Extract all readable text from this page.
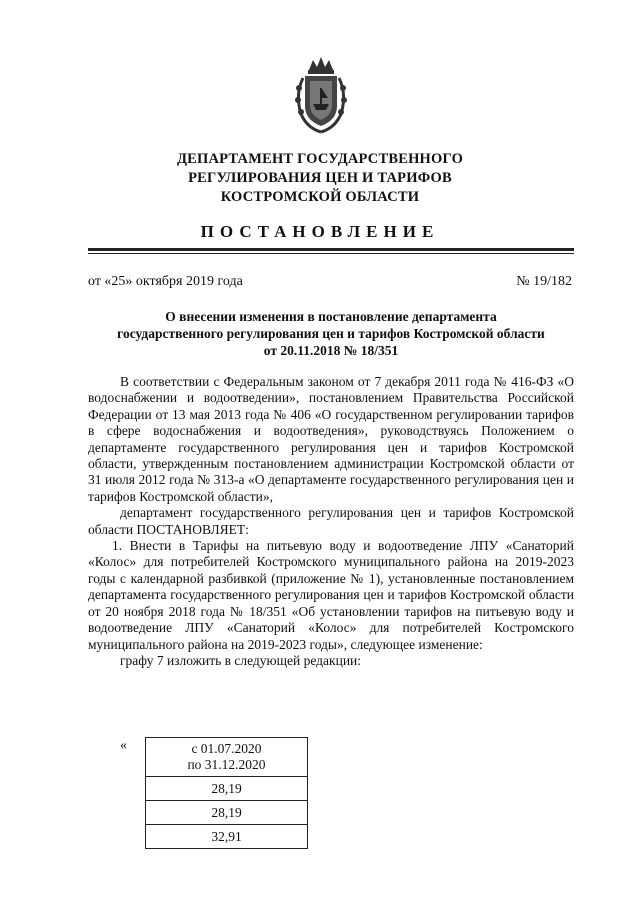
ДЕПАРТАМЕНТ ГОСУДАРСТВЕННОГО
РЕГУЛИРОВАНИЯ ЦЕН И ТАРИФОВ
КОСТРОМСКОЙ ОБЛАСТИ
ПОСТАНОВЛЕНИЕ
от «25» октября 2019 года	№ 19/182
О внесении изменения в постановление департамента
государственного регулирования цен и тарифов Костромской области
от 20.11.2018 № 18/351

В соответствии с Федеральным законом от 7 декабря 2011 года № 416-ФЗ «О водоснабжении и водоотведении», постановлением Правительства Российской Федерации от 13 мая 2013 года № 406 «О государственном регулировании тарифов в сфере водоснабжения и водоотведения», руководствуясь Положением о департаменте государственного регулирования цен и тарифов Костромской области, утвержденным постановлением администрации Костромской области от 31 июля 2012 года № 313-а «О департаменте государственного регулирования цен и тарифов Костромской области»,

департамент государственного регулирования цен и тарифов Костромской области ПОСТАНОВЛЯЕТ:

1. Внести в Тарифы на питьевую воду и водоотведение ЛПУ «Санаторий «Колос» для потребителей Костромского муниципального района на 2019-2023 годы с календарной разбивкой (приложение № 1), установленные постановлением департамента государственного регулирования цен и тарифов Костромской области от 20 ноября 2018 года № 18/351 «Об установлении тарифов на питьевую воду и водоотведение ЛПУ «Санаторий «Колос» для потребителей Костромского муниципального района на 2019-2023 годы», следующее изменение:

графу 7 изложить в следующей редакции:

«	с 01.07.2020
по 31.12.2020

28,19
28,19
32,91
